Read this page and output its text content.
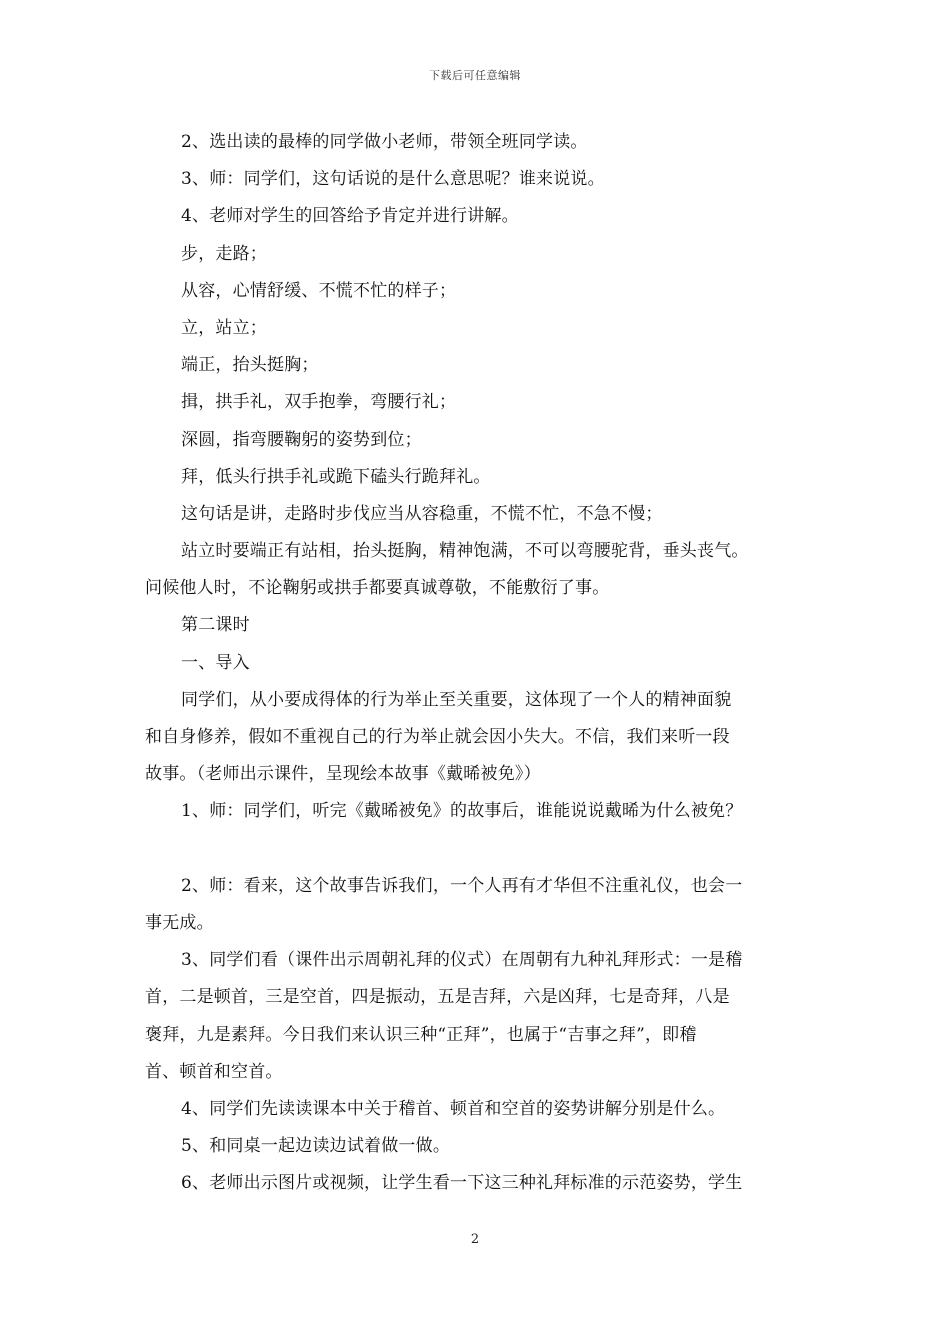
下载后可任意编辑
2、选出读的最棒的同学做小老师，带领全班同学读。
3、师：同学们，这句话说的是什么意思呢？谁来说说。
4、老师对学生的回答给予肯定并进行讲解。
步，走路；
从容，心情舒缓、不慌不忙的样子；
立，站立；
端正，抬头挺胸；
揖，拱手礼，双手抱拳，弯腰行礼；
深圆，指弯腰鞠躬的姿势到位；
拜，低头行拱手礼或跪下磕头行跪拜礼。
这句话是讲，走路时步伐应当从容稳重，不慌不忙，不急不慢；
站立时要端正有站相，抬头挺胸，精神饱满，不可以弯腰驼背，垂头丧气。
问候他人时，不论鞠躬或拱手都要真诚尊敬，不能敷衍了事。
第二课时
一、导入
同学们，从小要成得体的行为举止至关重要，这体现了一个人的精神面貌
和自身修养，假如不重视自己的行为举止就会因小失大。不信，我们来听一段
故事。（老师出示课件，呈现绘本故事《戴晞被免》）
1、师：同学们，听完《戴晞被免》的故事后，谁能说说戴晞为什么被免？
2、师：看来，这个故事告诉我们，一个人再有才华但不注重礼仪，也会一
事无成。
3、同学们看（课件出示周朝礼拜的仪式）在周朝有九种礼拜形式：一是稽
首，二是顿首，三是空首，四是振动，五是吉拜，六是凶拜，七是奇拜，八是
褒拜，九是素拜。今日我们来认识三种“正拜”，也属于“吉事之拜”，即稽
首、顿首和空首。
4、同学们先读读课本中关于稽首、顿首和空首的姿势讲解分别是什么。
5、和同桌一起边读边试着做一做。
6、老师出示图片或视频，让学生看一下这三种礼拜标准的示范姿势，学生
2
